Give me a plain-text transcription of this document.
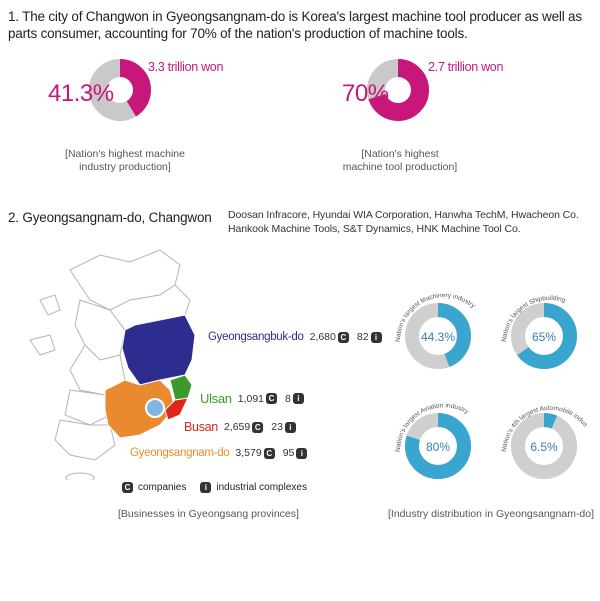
1. The city of Changwon in Gyeongsangnam-do is Korea's largest machine tool producer as well as parts consumer, accounting for 70% of the nation's production of machine tools.
41.3%
3.3 trillion won
[Nation's highest machine
industry production]
70%
2.7 trillion won
[Nation's highest
machine tool production]
2. Gyeongsangnam-do, Changwon Doosan Infracore, Hyundai WIA Corporation, Hanwha TechM, Hwacheon Co. Hankook Machine Tools, S&T Dynamics, HNK Machine Tool Co.
Gyeongsangbuk-do 2,680 C 82 i
Ulsan 1,091 C 8 i
Busan 2,659 C 23 i
Gyeongsangnam-do 3,579 C 95 i
C companies	i industrial complexes
44.3%
Nation's largest Machinery industry
65%
Nation's largest Shipbuilding
80%
Nation's largest Aviation industry
6.5%
Nation's 4th largest Automobile indus
[Businesses in Gyeongsang provinces]	[Industry distribution in Gyeongsangnam-do]
